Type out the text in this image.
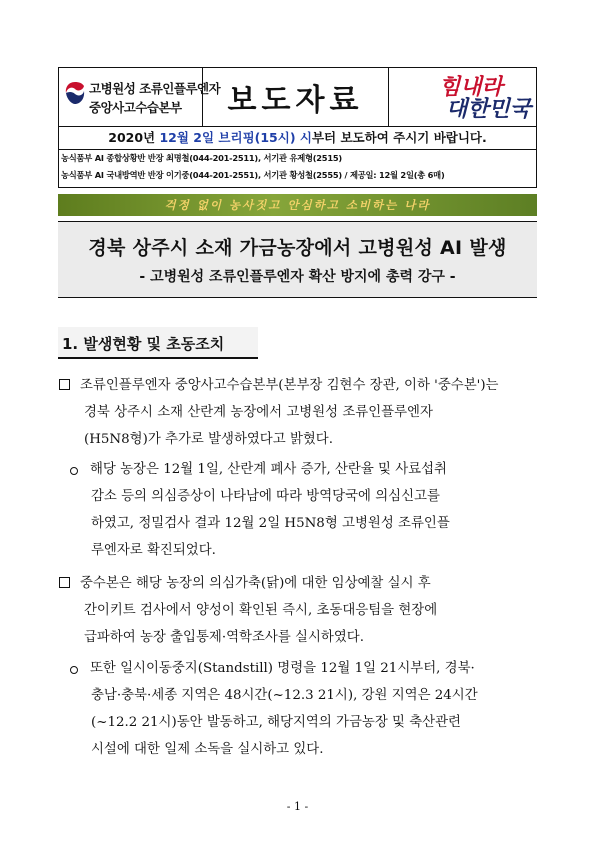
고병원성 조류인플루엔자
중앙사고수습본부 보도자료	힘내라
대한민국
2020년 12월 2일 브리핑(15시) 시부터 보도하여 주시기 바랍니다.
농식품부 AI 종합상황반 반장 최명철(044-201-2511), 서기관 유제형(2515)
농식품부 AI 국내방역반 반장 이기중(044-201-2551), 서기관 황성철(2555) / 제공일: 12월 2일(총 6매)
걱정 없이 농사짓고 안심하고 소비하는 나라
경북 상주시 소재 가금농장에서 고병원성 AI 발생
- 고병원성 조류인플루엔자 확산 방지에 총력 강구 -
1. 발생현황 및 초동조치
조류인플루엔자 중앙사고수습본부(본부장 김현수 장관, 이하 '중수본')는
경북 상주시 소재 산란계 농장에서 고병원성 조류인플루엔자
(H5N8형)가 추가로 발생하였다고 밝혔다.
해당 농장은 12월 1일, 산란계 폐사 증가, 산란율 및 사료섭취
감소 등의 의심증상이 나타남에 따라 방역당국에 의심신고를
하였고, 정밀검사 결과 12월 2일 H5N8형 고병원성 조류인플
루엔자로 확진되었다.
중수본은 해당 농장의 의심가축(닭)에 대한 임상예찰 실시 후
간이키트 검사에서 양성이 확인된 즉시, 초동대응팀을 현장에
급파하여 농장 출입통제·역학조사를 실시하였다.
또한 일시이동중지(Standstill) 명령을 12월 1일 21시부터, 경북·
충남·충북·세종 지역은 48시간(~12.3 21시), 강원 지역은 24시간
(~12.2 21시)동안 발동하고, 해당지역의 가금농장 및 축산관련
시설에 대한 일제 소독을 실시하고 있다.
- 1 -
